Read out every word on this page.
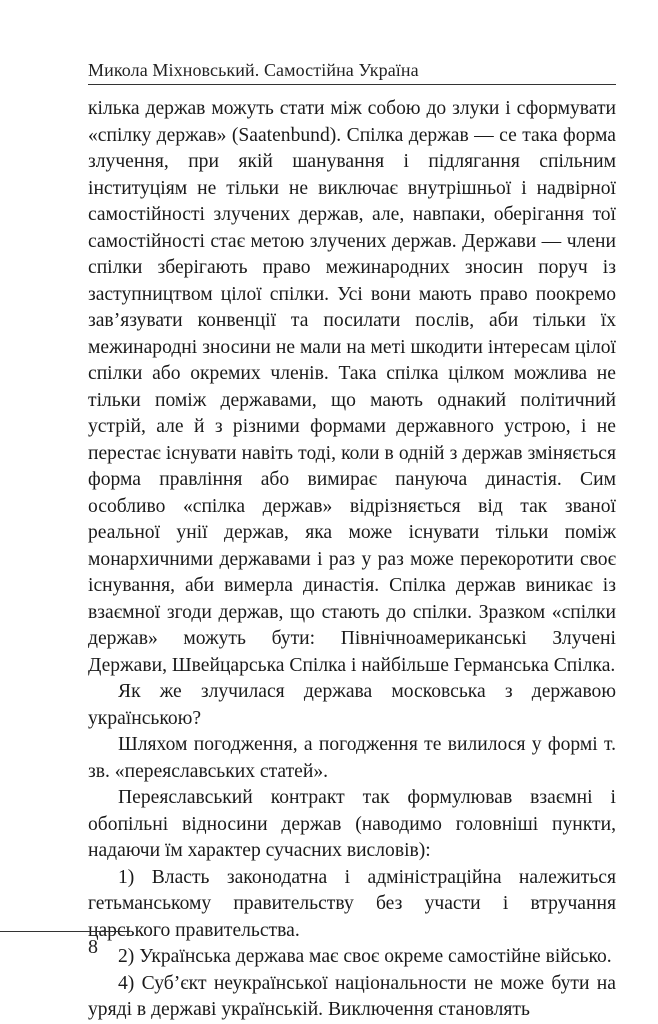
Микола Міхновський. Самостійна Україна

кілька держав можуть стати між собою до злуки і сформувати «спілку держав» (Saatenbund). Спілка держав — се така форма злучення, при якій шанування і підлягання спільним інституціям не тільки не виключає внутрішньої і надвірної самостійності злучених держав, але, навпаки, оберігання тої самостійності стає метою злучених держав. Держави — члени спілки зберігають право межинародних зносин поруч із заступництвом цілої спілки. Усі вони мають право поокремо зав’язувати конвенції та посилати послів, аби тільки їх межинародні зносини не мали на меті шкодити інтересам цілої спілки або окремих членів. Така спілка цілком можлива не тільки поміж державами, що мають однакий політичний устрій, але й з різними формами державного устрою, і не перестає існувати навіть тоді, коли в одній з держав зміняється форма правління або вимирає пануюча династія. Сим особливо «спілка держав» відрізняється від так званої реальної унії держав, яка може існувати тільки поміж монархичними державами і раз у раз може перекоротити своє існування, аби вимерла династія. Спілка держав виникає із взаємної згоди держав, що стають до спілки. Зразком «спілки держав» можуть бути: Північноамериканські Злучені Держави, Швейцарська Спілка і найбільше Германська Спілка.

Як же злучилася держава московська з державою українською?

Шляхом погодження, а погодження те вилилося у формі т. зв. «переяславських статей».

Переяславський контракт так формулював взаємні і обопільні відносини держав (наводимо головніші пункти, надаючи їм характер сучасних висловів):

1) Власть законодатна і адміністраційна належиться гетьманському правительству без участи і втручання царського правительства.

2) Українська держава має своє окреме самостійне військо.

4) Суб’єкт неукраїнської національности не може бути на уряді в державі українській. Виключення становлять

8
